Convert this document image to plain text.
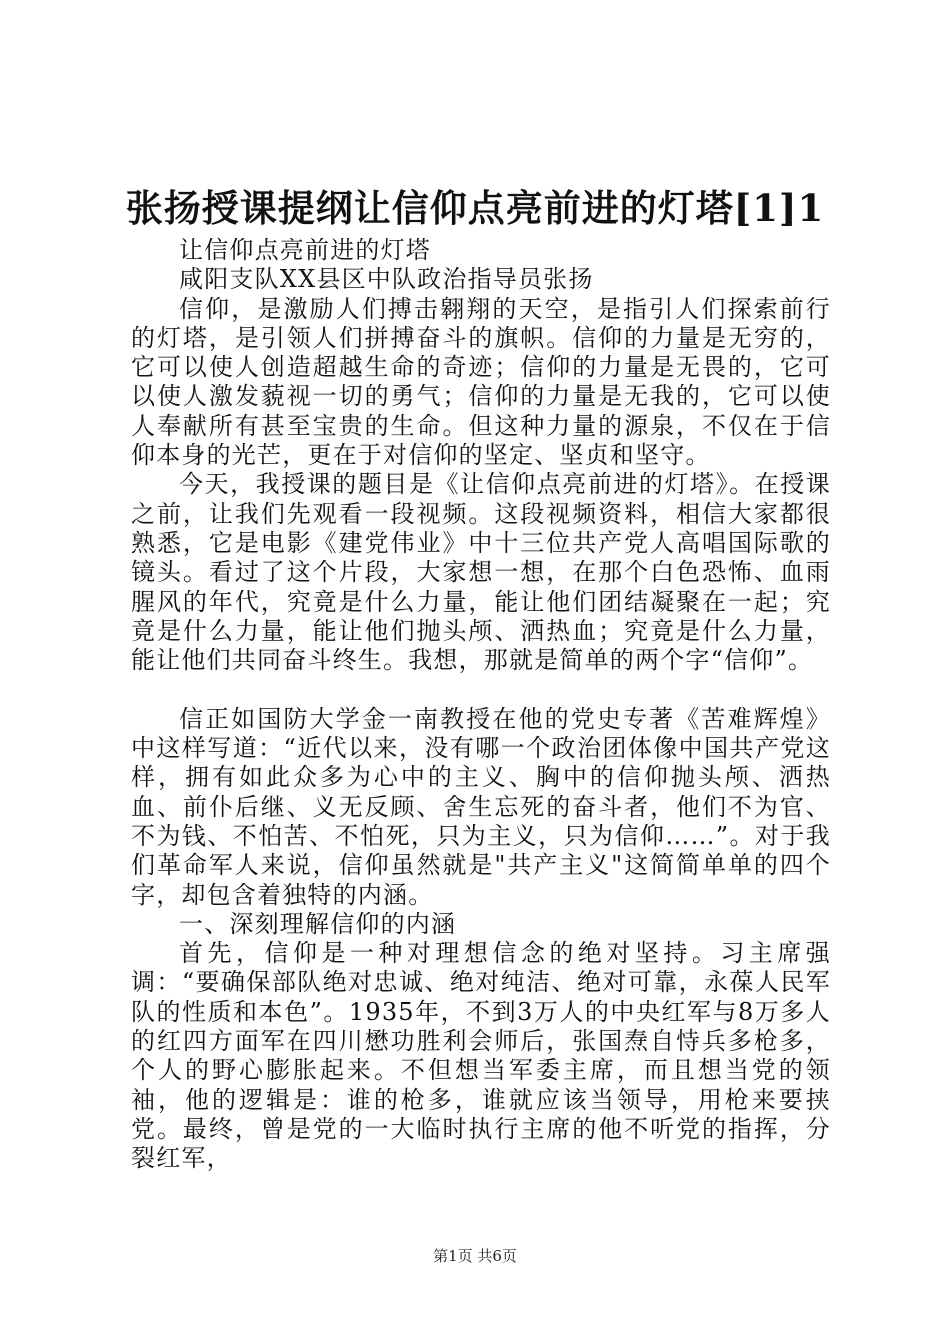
张扬授课提纲让信仰点亮前进的灯塔[1]1

让信仰点亮前进的灯塔

咸阳支队XX县区中队政治指导员张扬

信仰，是激励人们搏击翱翔的天空，是指引人们探索前行的灯塔，是引领人们拼搏奋斗的旗帜。信仰的力量是无穷的，它可以使人创造超越生命的奇迹；信仰的力量是无畏的，它可以使人激发藐视一切的勇气；信仰的力量是无我的，它可以使人奉献所有甚至宝贵的生命。但这种力量的源泉，不仅在于信仰本身的光芒，更在于对信仰的坚定、坚贞和坚守。

今天，我授课的题目是《让信仰点亮前进的灯塔》。在授课之前，让我们先观看一段视频。这段视频资料，相信大家都很熟悉，它是电影《建党伟业》中十三位共产党人高唱国际歌的镜头。看过了这个片段，大家想一想，在那个白色恐怖、血雨腥风的年代，究竟是什么力量，能让他们团结凝聚在一起；究竟是什么力量，能让他们抛头颅、洒热血；究竟是什么力量，能让他们共同奋斗终生。我想，那就是简单的两个字“信仰”。

信正如国防大学金一南教授在他的党史专著《苦难辉煌》中这样写道：“近代以来，没有哪一个政治团体像中国共产党这样，拥有如此众多为心中的主义、胸中的信仰抛头颅、洒热血、前仆后继、义无反顾、舍生忘死的奋斗者，他们不为官、不为钱、不怕苦、不怕死，只为主义，只为信仰……”。对于我们革命军人来说，信仰虽然就是"共产主义"这简简单单的四个字，却包含着独特的内涵。

一、深刻理解信仰的内涵

首先，信仰是一种对理想信念的绝对坚持。习主席强调：“要确保部队绝对忠诚、绝对纯洁、绝对可靠，永葆人民军队的性质和本色”。1935年，不到3万人的中央红军与8万多人的红四方面军在四川懋功胜利会师后，张国焘自恃兵多枪多，个人的野心膨胀起来。不但想当军委主席，而且想当党的领袖，他的逻辑是：谁的枪多，谁就应该当领导，用枪来要挟党。最终，曾是党的一大临时执行主席的他不听党的指挥，分裂红军，

第1页 共6页
